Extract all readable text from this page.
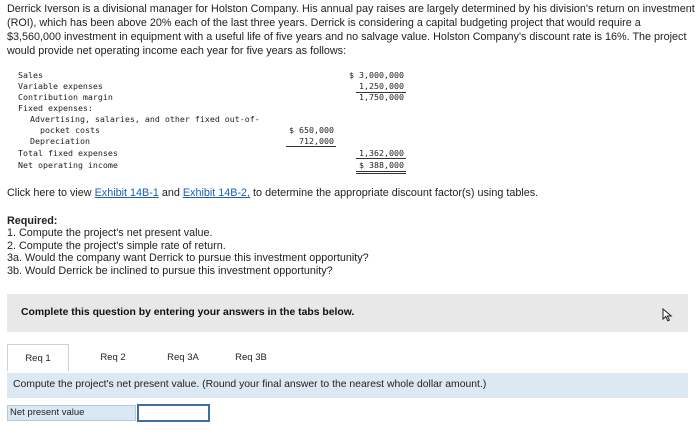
Derrick Iverson is a divisional manager for Holston Company. His annual pay raises are largely determined by his division's return on investment (ROI), which has been above 20% each of the last three years. Derrick is considering a capital budgeting project that would require a $3,560,000 investment in equipment with a useful life of five years and no salvage value. Holston Company's discount rate is 16%. The project would provide net operating income each year for five years as follows:
Sales	$ 3,000,000
Variable expenses	1,250,000
Contribution margin	1,750,000
Fixed expenses:
Advertising, salaries, and other fixed out-of-
pocket costs	$ 650,000
Depreciation	712,000
Total fixed expenses	1,362,000
Net operating income	$ 388,000
Click here to view Exhibit 14B-1 and Exhibit 14B-2, to determine the appropriate discount factor(s) using tables.
Required:
1. Compute the project's net present value.
2. Compute the project's simple rate of return.
3a. Would the company want Derrick to pursue this investment opportunity?
3b. Would Derrick be inclined to pursue this investment opportunity?
Complete this question by entering your answers in the tabs below.
Req 1	Req 2	Req 3A	Req 3B
Compute the project's net present value. (Round your final answer to the nearest whole dollar amount.)
Net present value
